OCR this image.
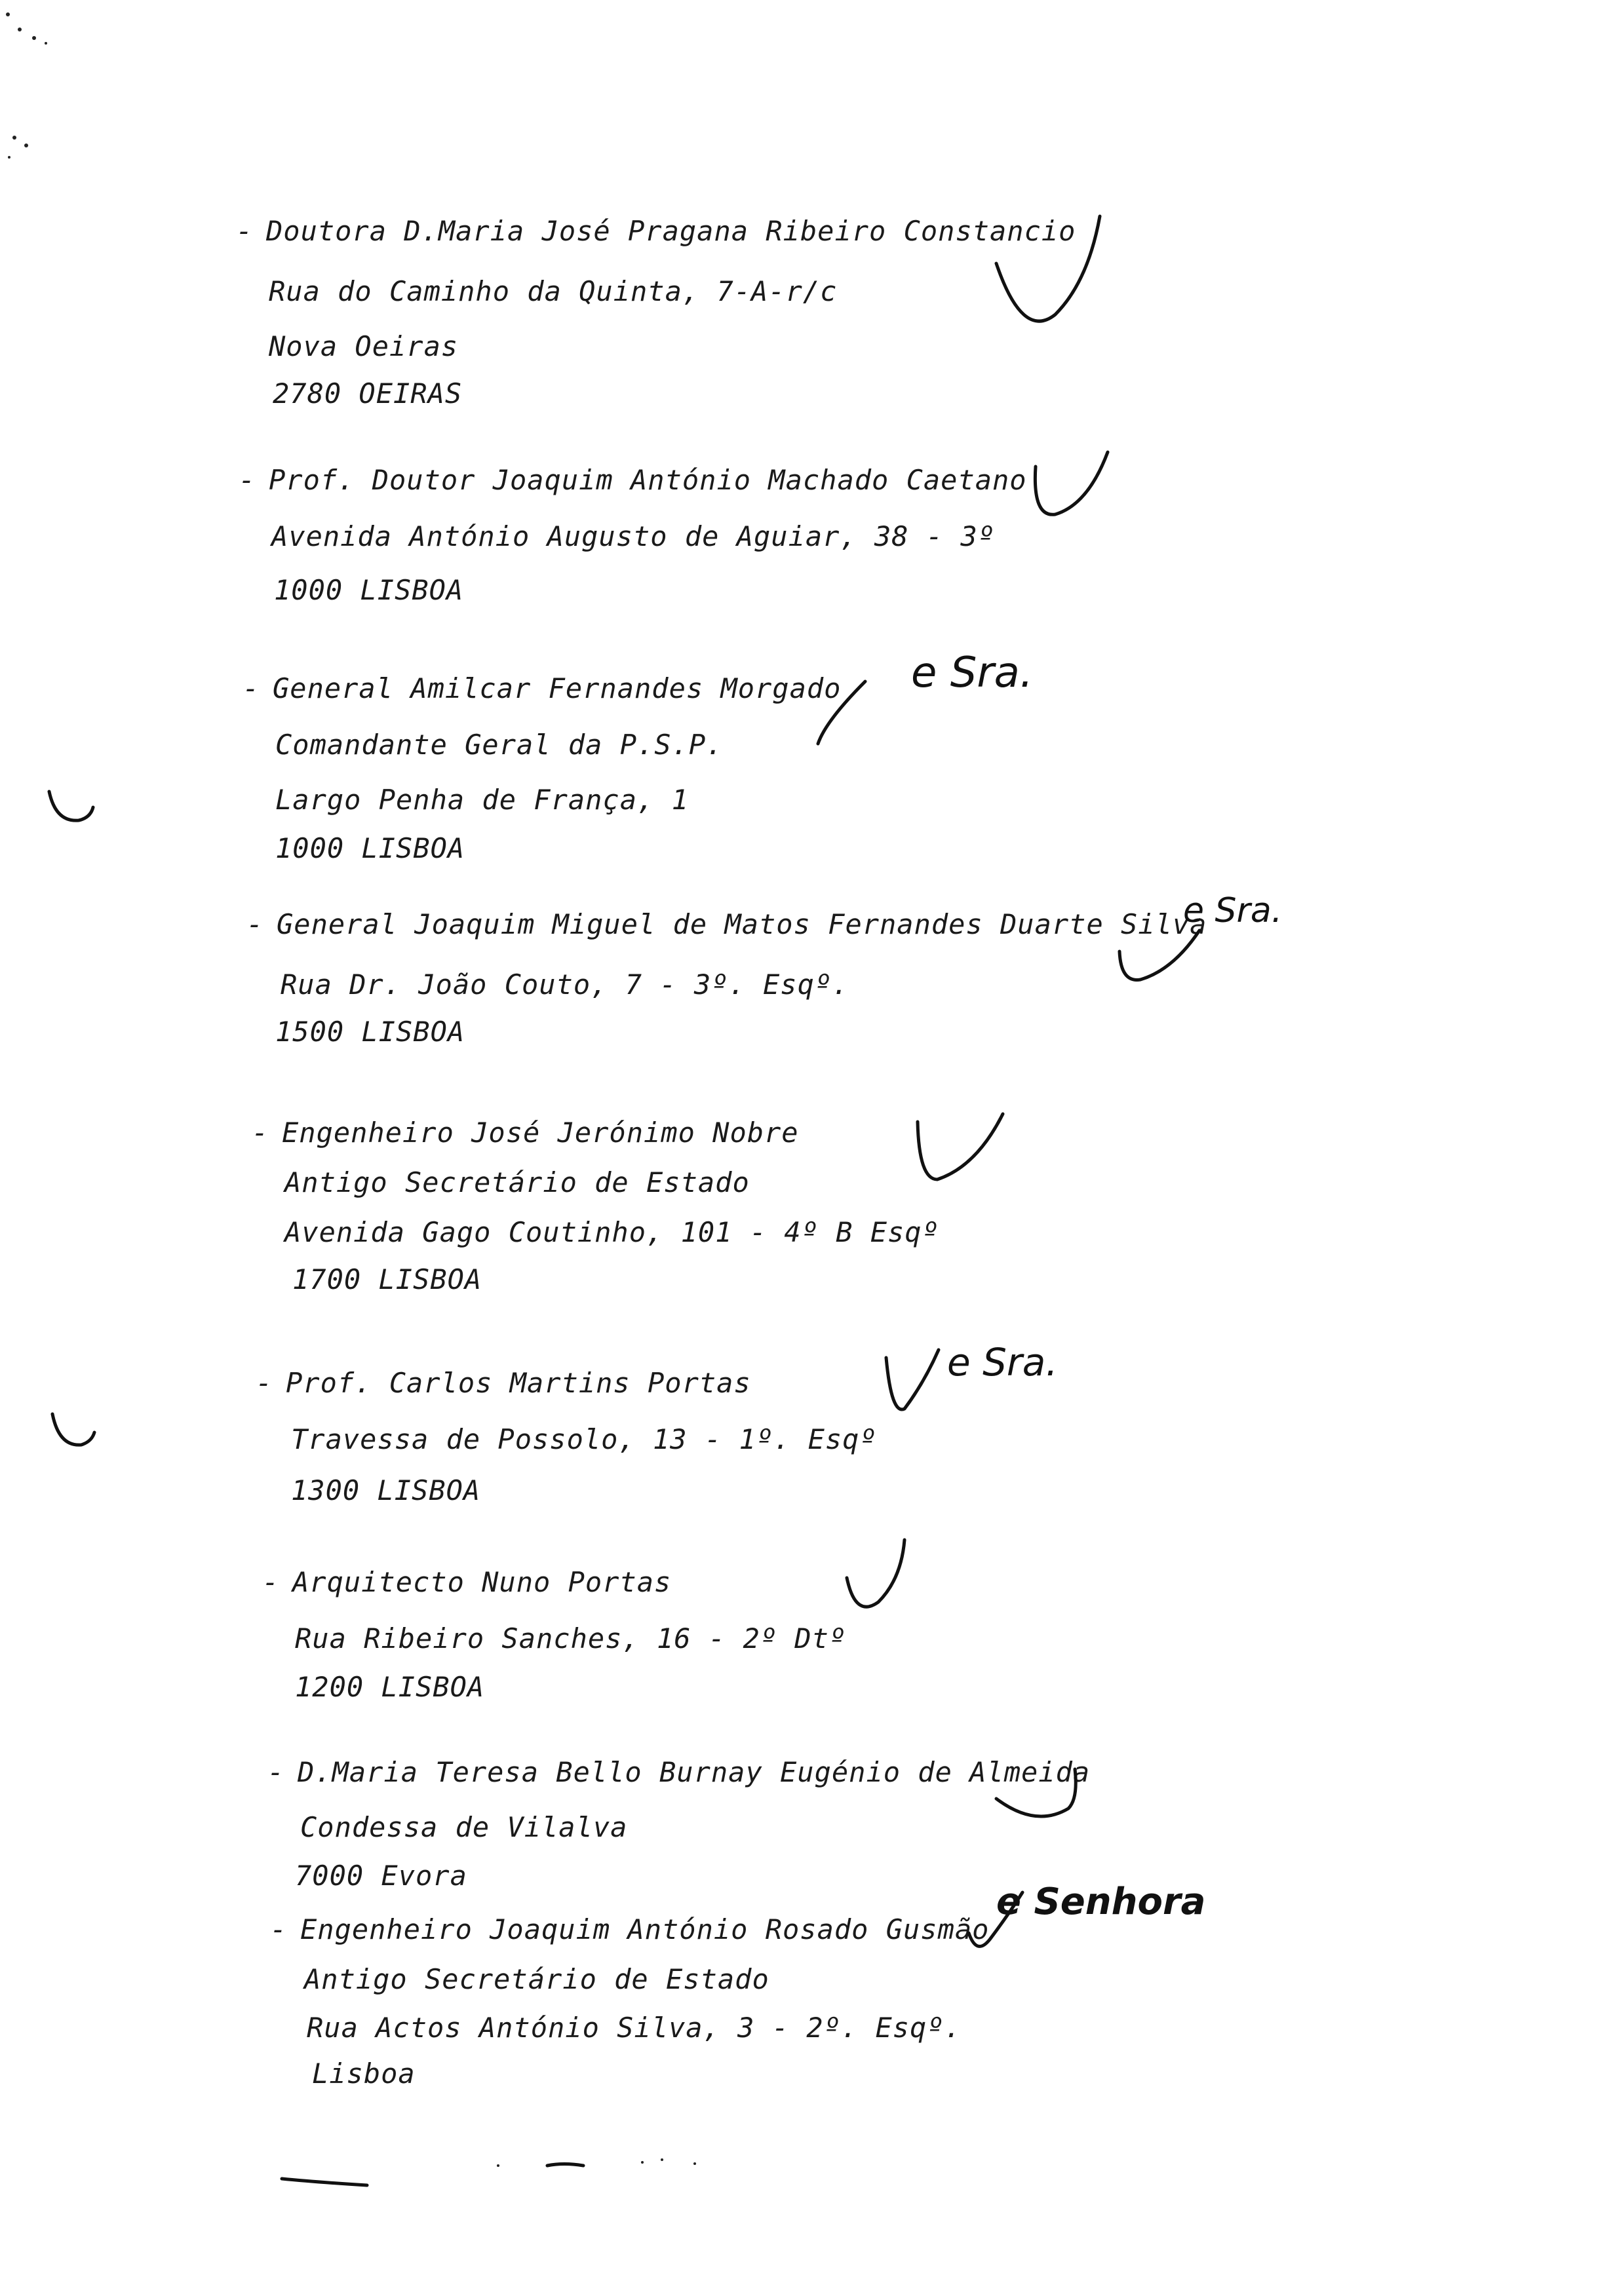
- Doutora D.Maria José Pragana Ribeiro Constancio
Rua do Caminho da Quinta, 7-A-r/c
Nova Oeiras
2780 OEIRAS
- Prof. Doutor Joaquim António Machado Caetano
Avenida António Augusto de Aguiar, 38 - 3º
1000 LISBOA
- General Amilcar Fernandes Morgado
Comandante Geral da P.S.P.
Largo Penha de França, 1
1000 LISBOA
- General Joaquim Miguel de Matos Fernandes Duarte Silva
Rua Dr. João Couto, 7 - 3º. Esqº.
1500 LISBOA
- Engenheiro José Jerónimo Nobre
Antigo Secretário de Estado
Avenida Gago Coutinho, 101 - 4º B Esqº
1700 LISBOA
- Prof. Carlos Martins Portas
Travessa de Possolo, 13 - 1º. Esqº
1300 LISBOA
- Arquitecto Nuno Portas
Rua Ribeiro Sanches, 16 - 2º Dtº
1200 LISBOA
- D.Maria Teresa Bello Burnay Eugénio de Almeida
Condessa de Vilalva
7000 Evora
- Engenheiro Joaquim António Rosado Gusmão
Antigo Secretário de Estado
Rua Actos António Silva, 3 - 2º. Esqº.
Lisboa
e Sra.
e Sra.
e Sra.
e Senhora
